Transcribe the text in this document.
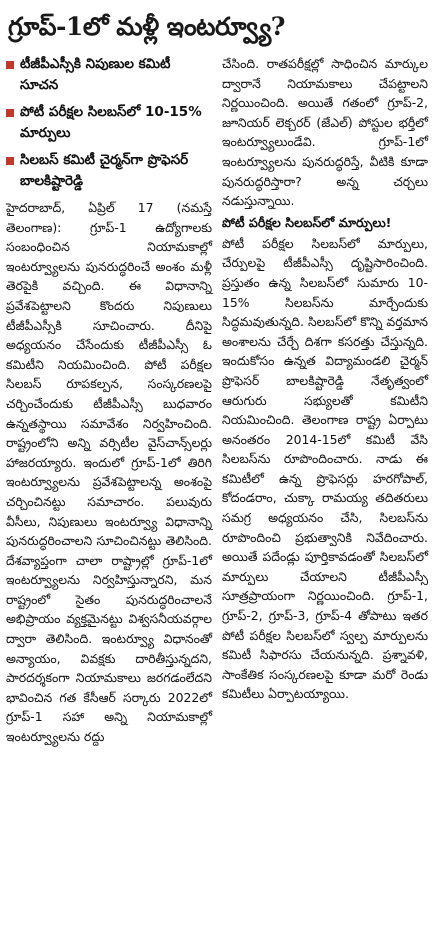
గ్రూప్-1లో మళ్లీ ఇంటర్వ్యూ?
టీజీపీఎస్సీకి నిపుణుల కమిటీ సూచన
పోటీ పరీక్షల సిలబస్‌లో 10-15% మార్పులు
సిలబస్ కమిటీ చైర్మన్‌గా ప్రొఫెసర్ బాలకిష్టారెడ్డి

హైదరాబాద్, ఏప్రిల్ 17 (నమస్తే తెలంగాణ): గ్రూప్-1 ఉద్యోగాలకు సంబంధించిన నియామకాల్లో ఇంటర్వ్యూలను పునరుద్ధరించే అంశం మళ్లీ తెరపైకి వచ్చింది. ఈ విధానాన్ని ప్రవేశపెట్టాలని కొందరు నిపుణులు టీజీపీఎస్సీకి సూచించారు. దీనిపై అధ్యయనం చేసేందుకు టీజీపీఎస్సీ ఓ కమిటీని నియమించింది. పోటీ పరీక్షల సిలబస్ రూపకల్పన, సంస్కరణలపై చర్చించేందుకు టీజీపీఎస్సీ బుధవారం ఉన్నతస్థాయి సమావేశం నిర్వహించింది. రాష్ట్రంలోని అన్ని వర్సిటీల వైస్‌చాన్స్‌లర్లు హాజరయ్యారు. ఇందులో గ్రూప్-1లో తిరిగి ఇంటర్వ్యూలను ప్రవేశపెట్టాలన్న అంశంపై చర్చించినట్టు సమాచారం. పలువురు వీసీలు, నిపుణులు ఇంటర్వ్యూ విధానాన్ని పునరుద్ధరించాలని సూచించినట్టు తెలిసింది. దేశవ్యాప్తంగా చాలా రాష్ట్రాల్లో గ్రూప్-1లో ఇంటర్వ్యూలను నిర్వహిస్తున్నారని, మన రాష్ట్రంలో సైతం పునరుద్ధరించాలనే అభిప్రాయం వ్యక్తమైనట్టు విశ్వసనీయవర్గాల ద్వారా తెలిసింది. ఇంటర్వ్యూ విధానంతో అన్యాయం, వివక్షకు దారితీస్తున్నదని, పారదర్శకంగా నియామకాలు జరగడంలేదని భావించిన గత కేసీఆర్ సర్కారు 2022లో గ్రూప్-1 సహా అన్ని నియామకాల్లో ఇంటర్వ్యూలను రద్దు

చేసింది. రాతపరీక్షల్లో సాధించిన మార్కుల ద్వారానే నియామకాలు చేపట్టాలని నిర్ణయించింది. అయితే గతంలో గ్రూప్-2, జూనియర్ లెక్చరర్ (జేఎల్) పోస్టుల భర్తీలో ఇంటర్వ్యూలుండేవి. గ్రూప్-1లో ఇంటర్వ్యూలను పునరుద్ధరిస్తే, వీటికి కూడా పునరుద్ధరిస్తారా? అన్న చర్చలు నడుస్తున్నాయి.

పోటీ పరీక్షల సిలబస్‌లో మార్పులు!

పోటీ పరీక్షల సిలబస్‌లో మార్పులు, చేర్పులపై టీజీపీఎస్సీ దృష్టిసారించింది. ప్రస్తుతం ఉన్న సిలబస్‌లో సుమారు 10-15% సిలబస్‌ను మార్చేందుకు సిద్ధమవుతున్నది. సిలబస్‌లో కొన్ని వర్తమాన అంశాలను చేర్చే దిశగా కసరత్తు చేస్తున్నది. ఇందుకోసం ఉన్నత విద్యామండలి చైర్మన్ ప్రొఫెసర్ బాలకిష్టారెడ్డి నేతృత్వంలో ఆరుగురు సభ్యులతో కమిటీని నియమించింది. తెలంగాణ రాష్ట్ర ఏర్పాటు అనంతరం 2014-15లో కమిటీ వేసి సిలబస్‌ను రూపొందించారు. నాడు ఈ కమిటీలో ఉన్న ప్రొఫెసర్లు హరగోపాల్, కోదండరాం, చుక్కా రామయ్య తదితరులు సమగ్ర అధ్యయనం చేసి, సిలబస్‌ను రూపొందించి ప్రభుత్వానికి నివేదించారు. అయితే పదేండ్లు పూర్తికావడంతో సిలబస్‌లో మార్పులు చేయాలని టీజీపీఎస్సీ సూత్రప్రాయంగా నిర్ణయించింది. గ్రూప్-1, గ్రూప్-2, గ్రూప్-3, గ్రూప్-4 తోపాటు ఇతర పోటీ పరీక్షల సిలబస్‌లో స్వల్ప మార్పులను కమిటీ సిఫారసు చేయనున్నది. ప్రశ్నావళి, సాంకేతిక సంస్కరణలపై కూడా మరో రెండు కమిటీలు ఏర్పాటయ్యాయి.
